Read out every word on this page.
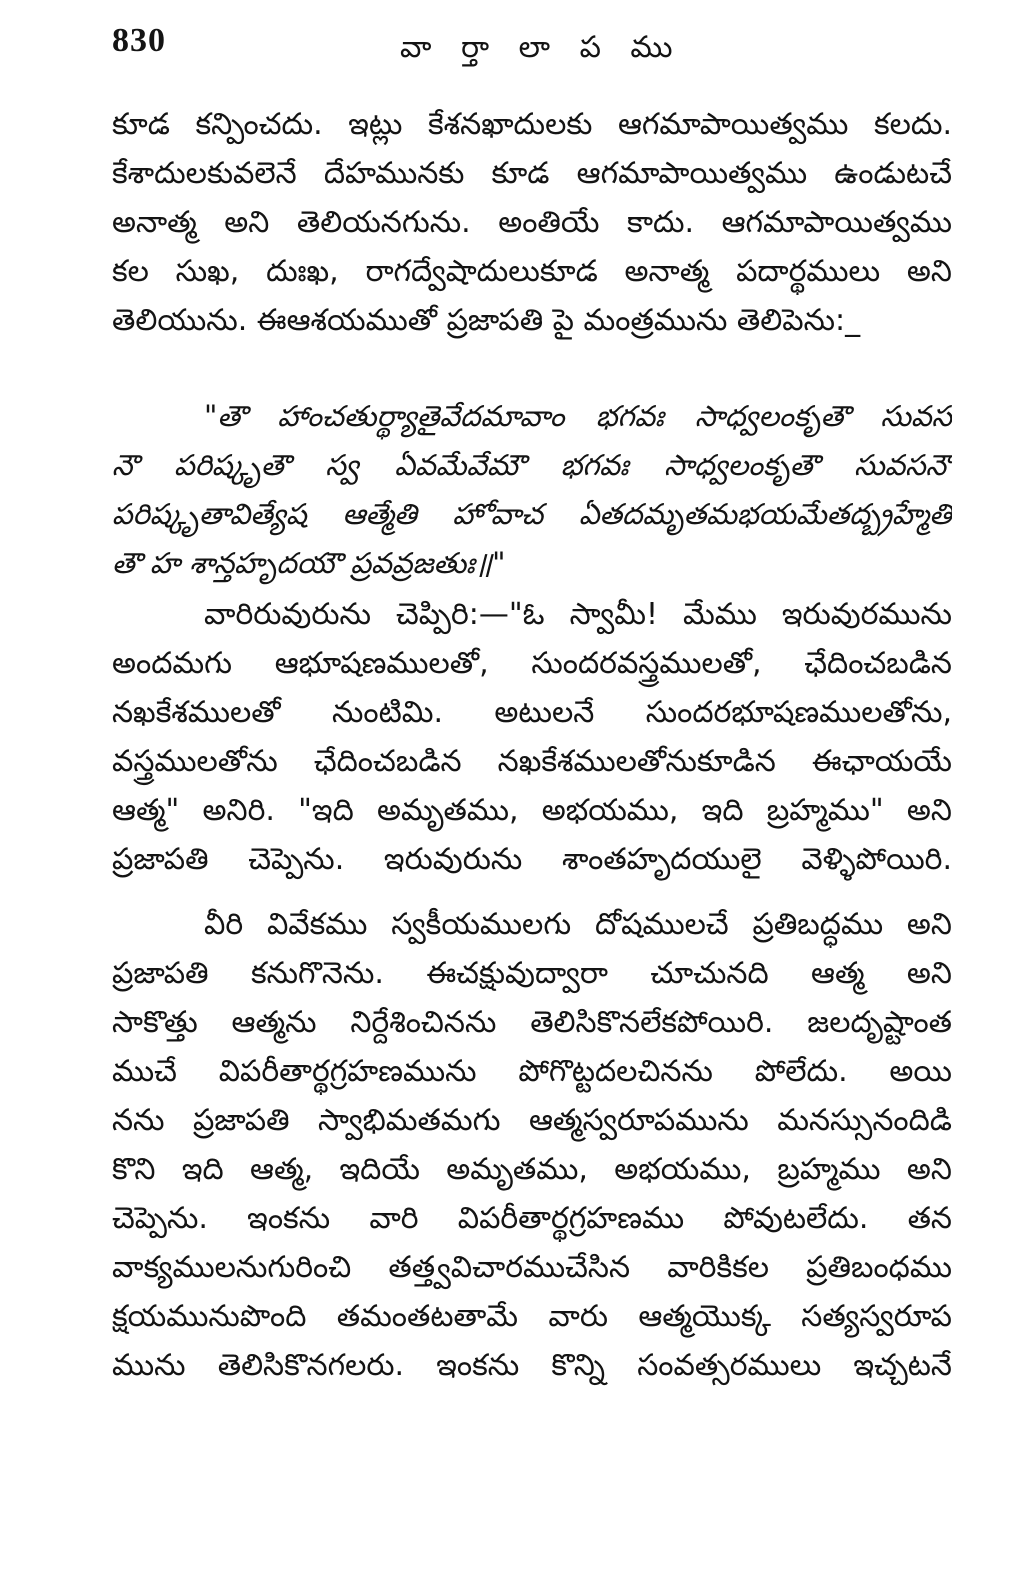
830	వా ర్తా లా ప ము
కూడ కన్పించదు. ఇట్లు కేశనఖాదులకు ఆగమాపాయిత్వము కలదు.
కేశాదులకువలెనే దేహమునకు కూడ ఆగమాపాయిత్వము ఉండుటచే
అనాత్మ అని తెలియనగును. అంతియే కాదు. ఆగమాపాయిత్వము
కల సుఖ, దుఃఖ, రాగద్వేషాదులుకూడ అనాత్మ పదార్థములు అని
తెలియును. ఈఆశయముతో ప్రజాపతి పై మంత్రమును తెలిపెను:_
"తౌ హాంచతుర్థ్యాతైవేదమావాం భగవః సాధ్వలంకృతౌ సువస
నౌ పరిష్కృతౌ స్వ ఏవమేవేమౌ భగవః సాధ్వలంకృతౌ సువసనౌ
పరిష్కృతావిత్యేష ఆత్మేతి హోవాచ ఏతదమృతమభయమేతద్బ్రహ్మేతి
తౌ హ శాన్తహృదయౌ ప్రవవ్రజతుః॥"
వారిరువురును చెప్పిరి:—"ఓ స్వామీ! మేము ఇరువురమును
అందమగు ఆభూషణములతో, సుందరవస్త్రములతో, ఛేదించబడిన
నఖకేశములతో నుంటిమి. అటులనే సుందరభూషణములతోను,
వస్త్రములతోను ఛేదించబడిన నఖకేశములతోనుకూడిన ఈఛాయయే
ఆత్మ" అనిరి. "ఇది అమృతము, అభయము, ఇది బ్రహ్మము" అని
ప్రజాపతి చెప్పెను. ఇరువురును శాంతహృదయులై వెళ్ళిపోయిరి.
వీరి వివేకము స్వకీయములగు దోషములచే ప్రతిబద్ధము అని
ప్రజాపతి కనుగొనెను. ఈచక్షువుద్వారా చూచునది ఆత్మ అని
సాకొత్తు ఆత్మను నిర్దేశించినను తెలిసికొనలేకపోయిరి. జలదృష్టాంత
ముచే విపరీతార్థగ్రహణమును పోగొట్టదలచినను పోలేదు. అయి
నను ప్రజాపతి స్వాభిమతమగు ఆత్మస్వరూపమును మనస్సునందిడి
కొని ఇది ఆత్మ, ఇదియే అమృతము, అభయము, బ్రహ్మము అని
చెప్పెను. ఇంకను వారి విపరీతార్థగ్రహణము పోవుటలేదు. తన
వాక్యములనుగురించి తత్త్వవిచారముచేసిన వారికికల ప్రతిబంధము
క్షయమునుపొంది తమంతటతామే వారు ఆత్మయొక్క సత్యస్వరూప
మును తెలిసికొనగలరు. ఇంకను కొన్ని సంవత్సరములు ఇచ్చటనే
